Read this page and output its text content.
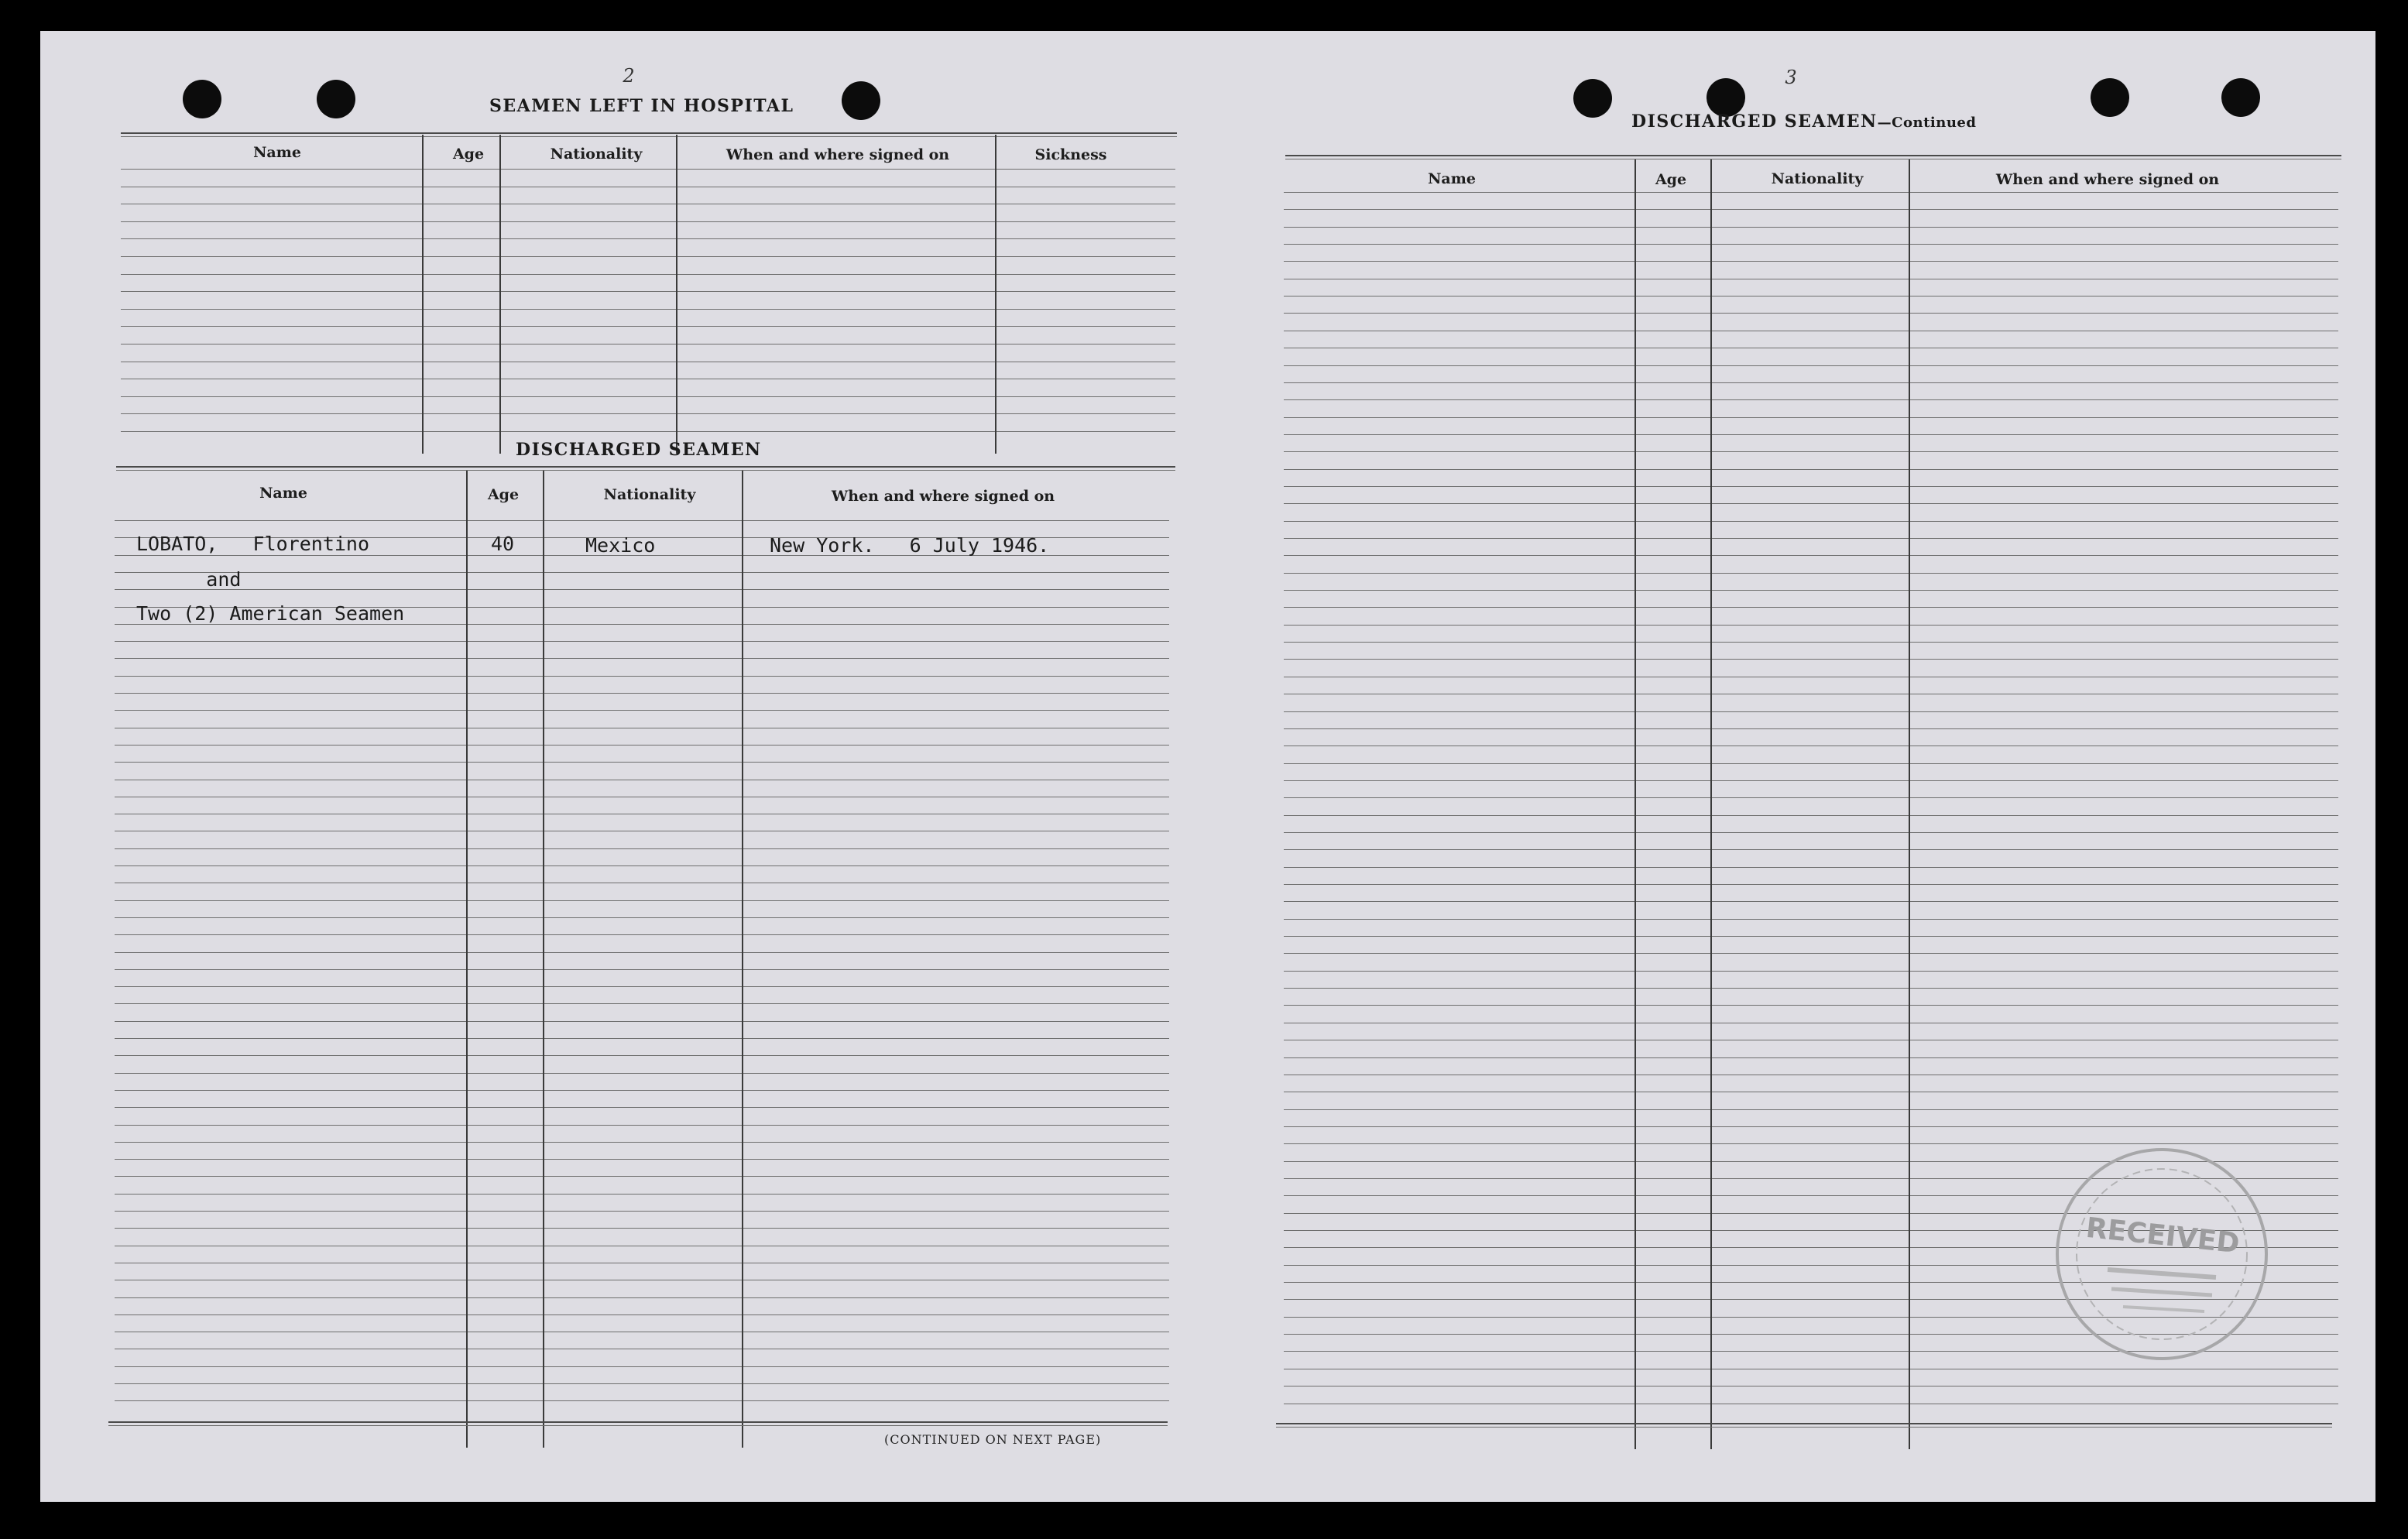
2
SEAMEN LEFT IN HOSPITAL
Name	Age	Nationality	When and where signed on	Sickness
DISCHARGED SEAMEN
Name	Age	Nationality	When and where signed on
LOBATO,   Florentino	40	Mexico	New York.   6 July 1946.
and
Two (2) American Seamen
(CONTINUED ON NEXT PAGE)
3
DISCHARGED SEAMEN—Continued
Name	Age	Nationality	When and where signed on
RECEIVED
